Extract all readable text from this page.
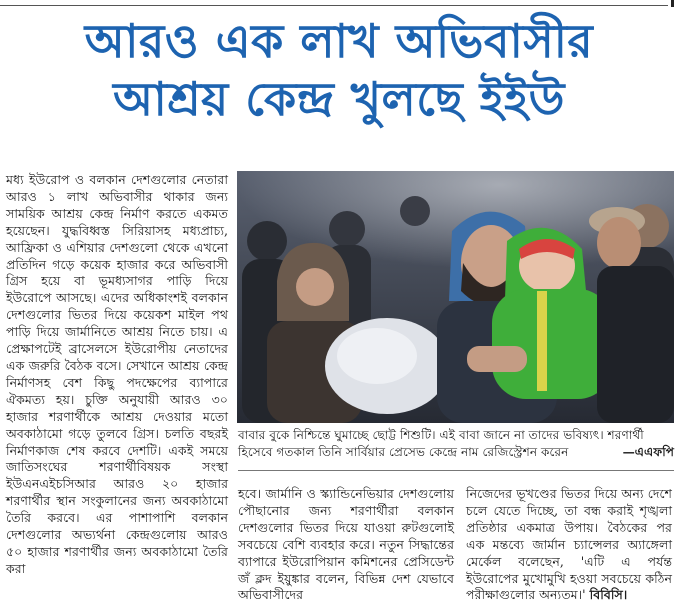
আরও এক লাখ অভিবাসীর
আশ্রয় কেন্দ্র খুলছে ইইউ
মধ্য ইউরোপ ও বলকান দেশগুলোর নেতারা আরও ১ লাখ অভিবাসীর থাকার জন্য সাময়িক আশ্রয় কেন্দ্র নির্মাণ করতে একমত হয়েছেন। যুদ্ধবিধ্বস্ত সিরিয়াসহ মধ্যপ্রাচ্য, আফ্রিকা ও এশিয়ার দেশগুলো থেকে এখনো প্রতিদিন গড়ে কয়েক হাজার করে অভিবাসী গ্রিস হয়ে বা ভূমধ্যসাগর পাড়ি দিয়ে ইউরোপে আসছে। এদের অধিকাংশই বলকান দেশগুলোর ভিতর দিয়ে কয়েকশ মাইল পথ পাড়ি দিয়ে জার্মানিতে আশ্রয় নিতে চায়। এ প্রেক্ষাপটেই ব্রাসেলসে ইউরোপীয় নেতাদের এক জরুরি বৈঠক বসে। সেখানে আশ্রয় কেন্দ্র নির্মাণসহ বেশ কিছু পদক্ষেপের ব্যাপারে ঐকমত্য হয়। চুক্তি অনুযায়ী আরও ৩০ হাজার শরণার্থীকে আশ্রয় দেওয়ার মতো অবকাঠামো গড়ে তুলবে গ্রিস। চলতি বছরই নির্মাণকাজ শেষ করবে দেশটি। একই সময়ে জাতিসংঘের শরণার্থীবিষয়ক সংস্থা ইউএনএইচসিআর আরও ২০ হাজার শরণার্থীর স্থান সংকুলানের জন্য অবকাঠামো তৈরি করবে। এর পাশাপাশি বলকান দেশগুলোর অভ্যর্থনা কেন্দ্রগুলোয় আরও ৫০ হাজার শরণার্থীর জন্য অবকাঠামো তৈরি করা
বাবার বুকে নিশ্চিন্তে ঘুমাচ্ছে ছোট্ট শিশুটি। এই বাবা জানে না তাদের ভবিষ্যৎ। শরণার্থী হিসেবে গতকাল তিনি সার্বিয়ার প্রেসেভ কেন্দ্রে নাম রেজিস্ট্রেশন করেন	—এএফপি
হবে। জার্মানি ও স্ক্যান্ডিনেভিয়ার দেশগুলোয় পৌছানোর জন্য শরণার্থীরা বলকান দেশগুলোর ভিতর দিয়ে যাওয়া রুটগুলোই সবচেয়ে বেশি ব্যবহার করে। নতুন সিদ্ধান্তের ব্যাপারে ইউরোপিয়ান কমিশনের প্রেসিডেন্ট জঁ ক্লদ ইয়ুঙ্কার বলেন, বিভিন্ন দেশ যেভাবে অভিবাসীদের
নিজেদের ভূখণ্ডের ভিতর দিয়ে অন্য দেশে চলে যেতে দিচ্ছে, তা বন্ধ করাই শৃঙ্খলা প্রতিষ্ঠার একমাত্র উপায়। বৈঠকের পর এক মন্তব্যে জার্মান চ্যান্সেলর অ্যাঙ্গেলা মের্কেল বলেছেন, 'এটি এ পর্যন্ত ইউরোপের মুখোমুখি হওয়া সবচেয়ে কঠিন পরীক্ষাগুলোর অন্যতম।' বিবিসি।
